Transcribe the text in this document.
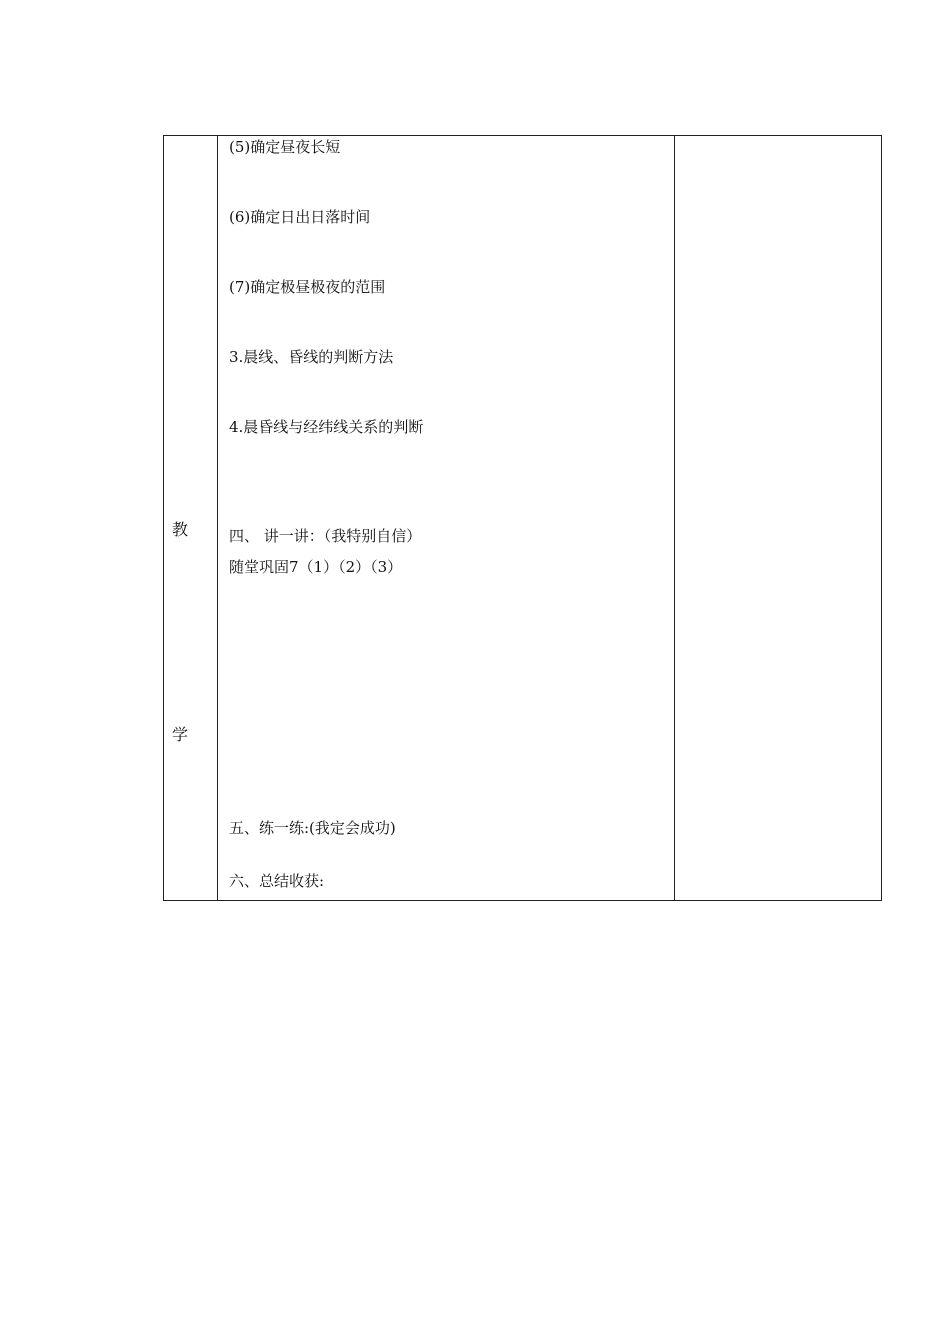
教
学
(5)确定昼夜长短
(6)确定日出日落时间
(7)确定极昼极夜的范围
3.晨线、昏线的判断方法
4.晨昏线与经纬线关系的判断
四、 讲一讲：（我特别自信）
随堂巩固7（1）（2）（3）
五、练一练:(我定会成功)
六、总结收获:
